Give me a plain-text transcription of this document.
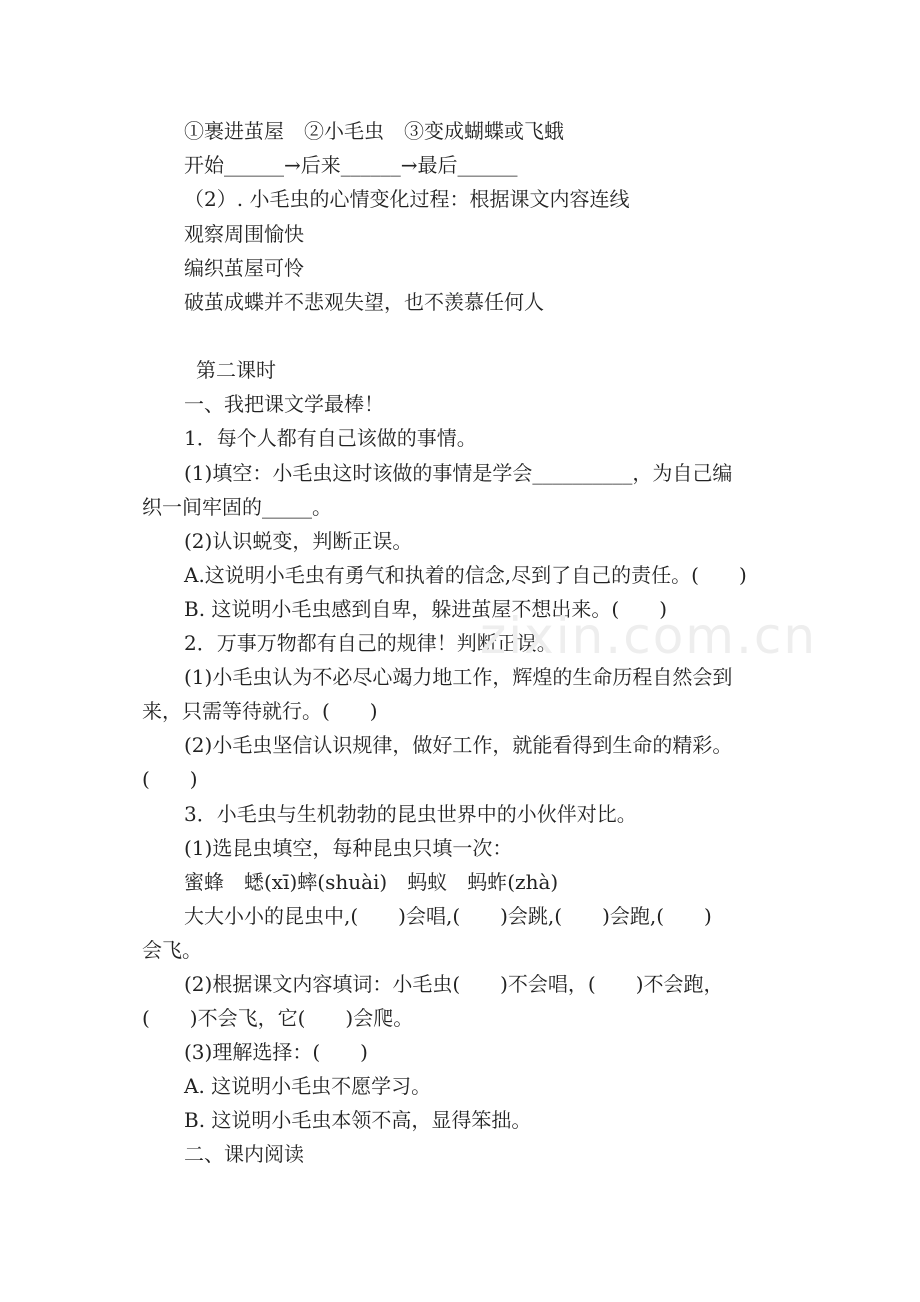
①裹进茧屋　②小毛虫　③变成蝴蝶或飞蛾
开始______→后来______→最后______
（2）. 小毛虫的心情变化过程：根据课文内容连线
观察周围愉快
编织茧屋可怜
破茧成蝶并不悲观失望，也不羡慕任何人
第二课时
一、我把课文学最棒！
1．每个人都有自己该做的事情。
(1)填空：小毛虫这时该做的事情是学会__________，为自己编
织一间牢固的_____。
(2)认识蜕变，判断正误。
A.这说明小毛虫有勇气和执着的信念,尽到了自己的责任。(　　)
B. 这说明小毛虫感到自卑，躲进茧屋不想出来。(　　)
2．万事万物都有自己的规律！判断正误。
(1)小毛虫认为不必尽心竭力地工作，辉煌的生命历程自然会到
来，只需等待就行。(　　)
(2)小毛虫坚信认识规律，做好工作，就能看得到生命的精彩。
(　　)
3．小毛虫与生机勃勃的昆虫世界中的小伙伴对比。
(1)选昆虫填空，每种昆虫只填一次：
蜜蜂　蟋(xī)蟀(shuài)　蚂蚁　蚂蚱(zhà)
大大小小的昆虫中,(　　)会唱,(　　)会跳,(　　)会跑,(　　)
会飞。
(2)根据课文内容填词：小毛虫(　　)不会唱，(　　)不会跑，
(　　)不会飞，它(　　)会爬。
(3)理解选择：(　　)
A. 这说明小毛虫不愿学习。
B. 这说明小毛虫本领不高，显得笨拙。
二、课内阅读
zixin.com.cn
